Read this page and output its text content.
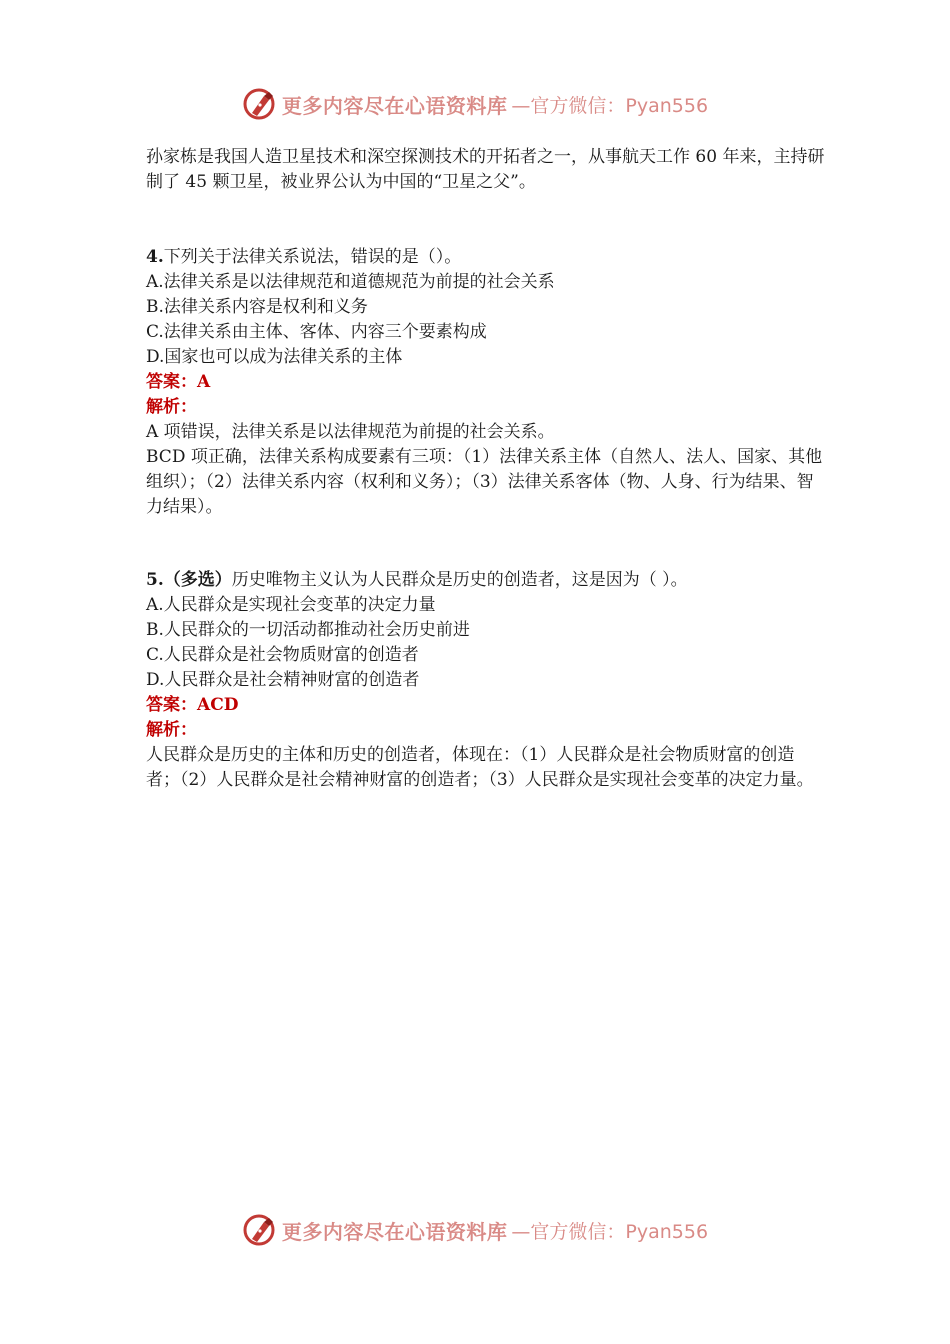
更多内容尽在心语资料库 —官方微信：Pyan556

孙家栋是我国人造卫星技术和深空探测技术的开拓者之一，从事航天工作 60 年来，主持研制了 45 颗卫星，被业界公认为中国的“卫星之父”。

4.下列关于法律关系说法，错误的是（）。

A.法律关系是以法律规范和道德规范为前提的社会关系

B.法律关系内容是权利和义务

C.法律关系由主体、客体、内容三个要素构成

D.国家也可以成为法律关系的主体

答案：A

解析：

A 项错误，法律关系是以法律规范为前提的社会关系。

BCD 项正确，法律关系构成要素有三项：（1）法律关系主体（自然人、法人、国家、其他组织）；（2）法律关系内容（权利和义务）；（3）法律关系客体（物、人身、行为结果、智力结果）。

5.（多选）历史唯物主义认为人民群众是历史的创造者，这是因为（ ）。

A.人民群众是实现社会变革的决定力量

B.人民群众的一切活动都推动社会历史前进

C.人民群众是社会物质财富的创造者

D.人民群众是社会精神财富的创造者

答案：ACD

解析：

人民群众是历史的主体和历史的创造者，体现在：（1）人民群众是社会物质财富的创造者；（2）人民群众是社会精神财富的创造者；（3）人民群众是实现社会变革的决定力量。

更多内容尽在心语资料库 —官方微信：Pyan556
